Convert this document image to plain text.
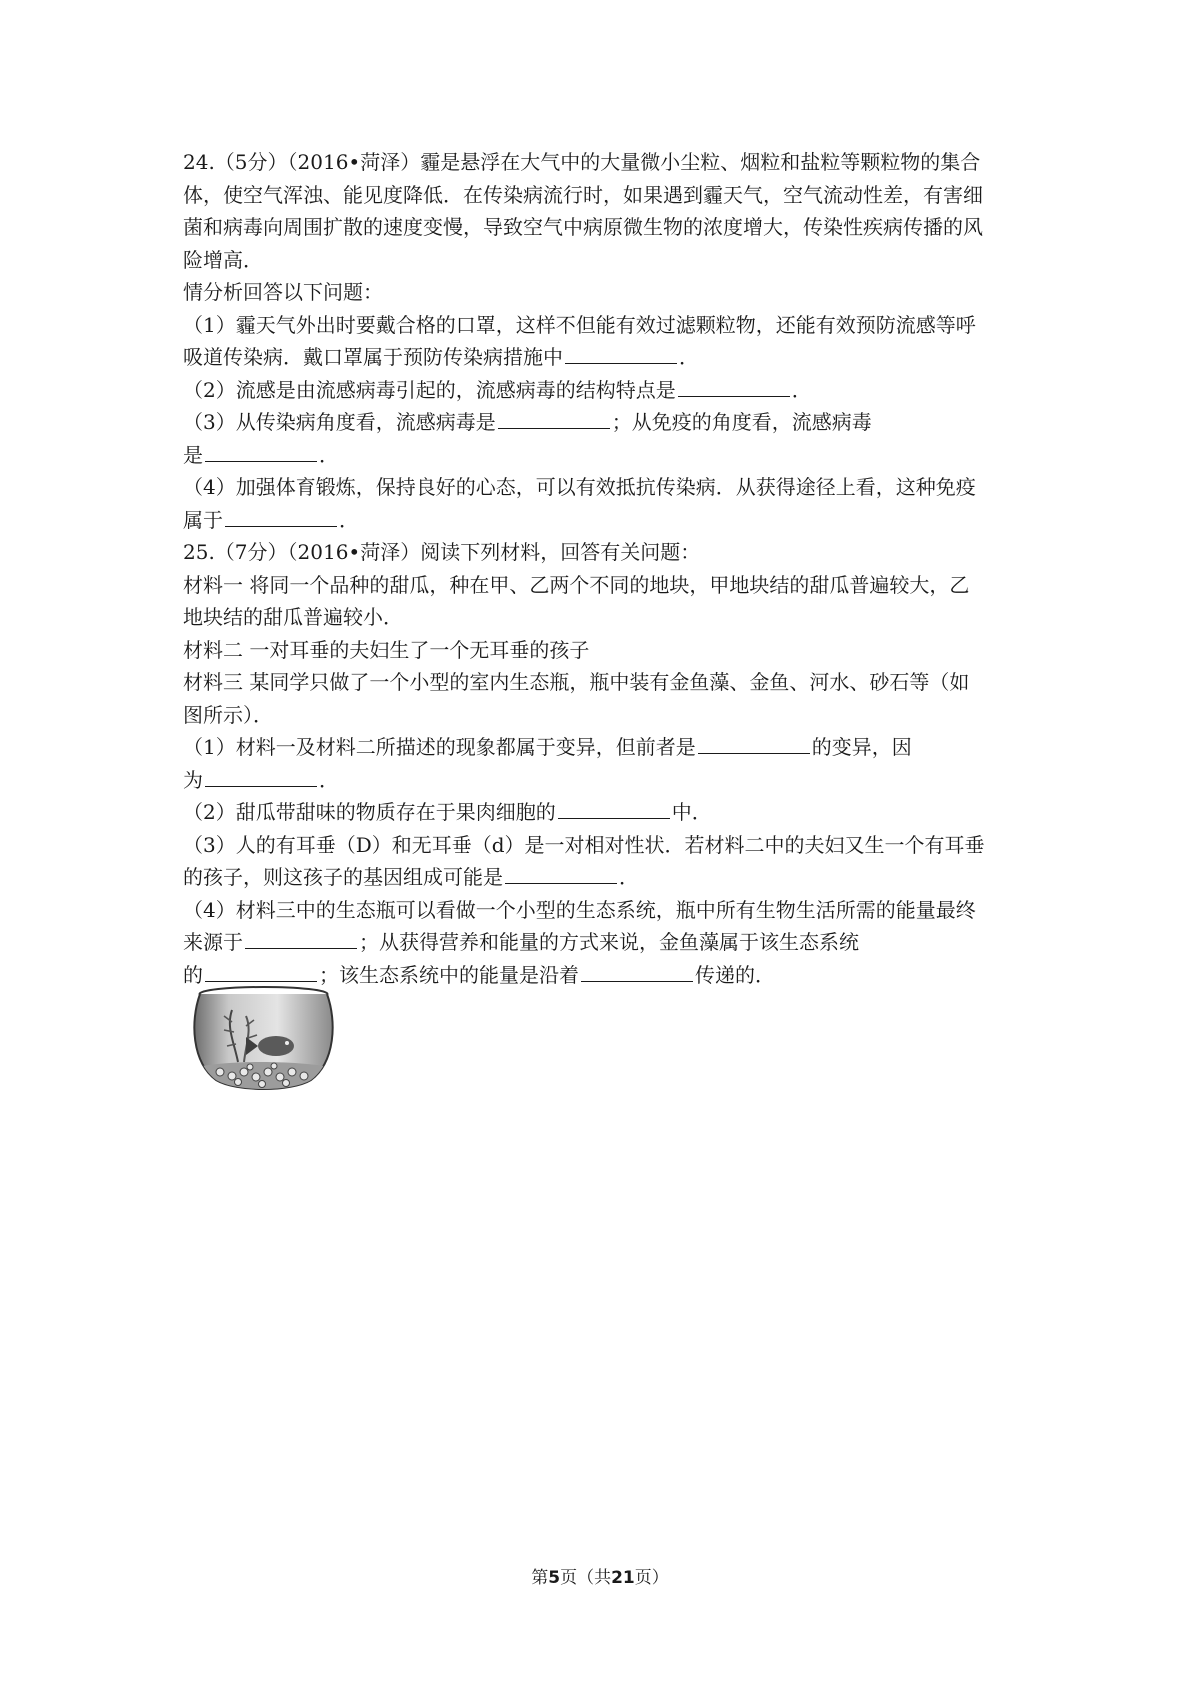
24.（5分）（2016•菏泽）霾是悬浮在大气中的大量微小尘粒、烟粒和盐粒等颗粒物的集合
体，使空气浑浊、能见度降低．在传染病流行时，如果遇到霾天气，空气流动性差，有害细
菌和病毒向周围扩散的速度变慢，导致空气中病原微生物的浓度增大，传染性疾病传播的风
险增高．
情分析回答以下问题：
（1）霾天气外出时要戴合格的口罩，这样不但能有效过滤颗粒物，还能有效预防流感等呼
吸道传染病．戴口罩属于预防传染病措施中	．
（2）流感是由流感病毒引起的，流感病毒的结构特点是	．
（3）从传染病角度看，流感病毒是	；从免疫的角度看，流感病毒
是	．
（4）加强体育锻炼，保持良好的心态，可以有效抵抗传染病．从获得途径上看，这种免疫
属于	．
25.（7分）（2016•菏泽）阅读下列材料，回答有关问题：
材料一 将同一个品种的甜瓜，种在甲、乙两个不同的地块，甲地块结的甜瓜普遍较大，乙
地块结的甜瓜普遍较小．
材料二 一对耳垂的夫妇生了一个无耳垂的孩子
材料三 某同学只做了一个小型的室内生态瓶，瓶中装有金鱼藻、金鱼、河水、砂石等（如
图所示）．
（1）材料一及材料二所描述的现象都属于变异，但前者是	的变异，因
为	．
（2）甜瓜带甜味的物质存在于果肉细胞的	中．
（3）人的有耳垂（D）和无耳垂（d）是一对相对性状．若材料二中的夫妇又生一个有耳垂
的孩子，则这孩子的基因组成可能是	．
（4）材料三中的生态瓶可以看做一个小型的生态系统，瓶中所有生物生活所需的能量最终
来源于	；从获得营养和能量的方式来说，金鱼藻属于该生态系统
的	；该生态系统中的能量是沿着	传递的．
第5页（共21页）
